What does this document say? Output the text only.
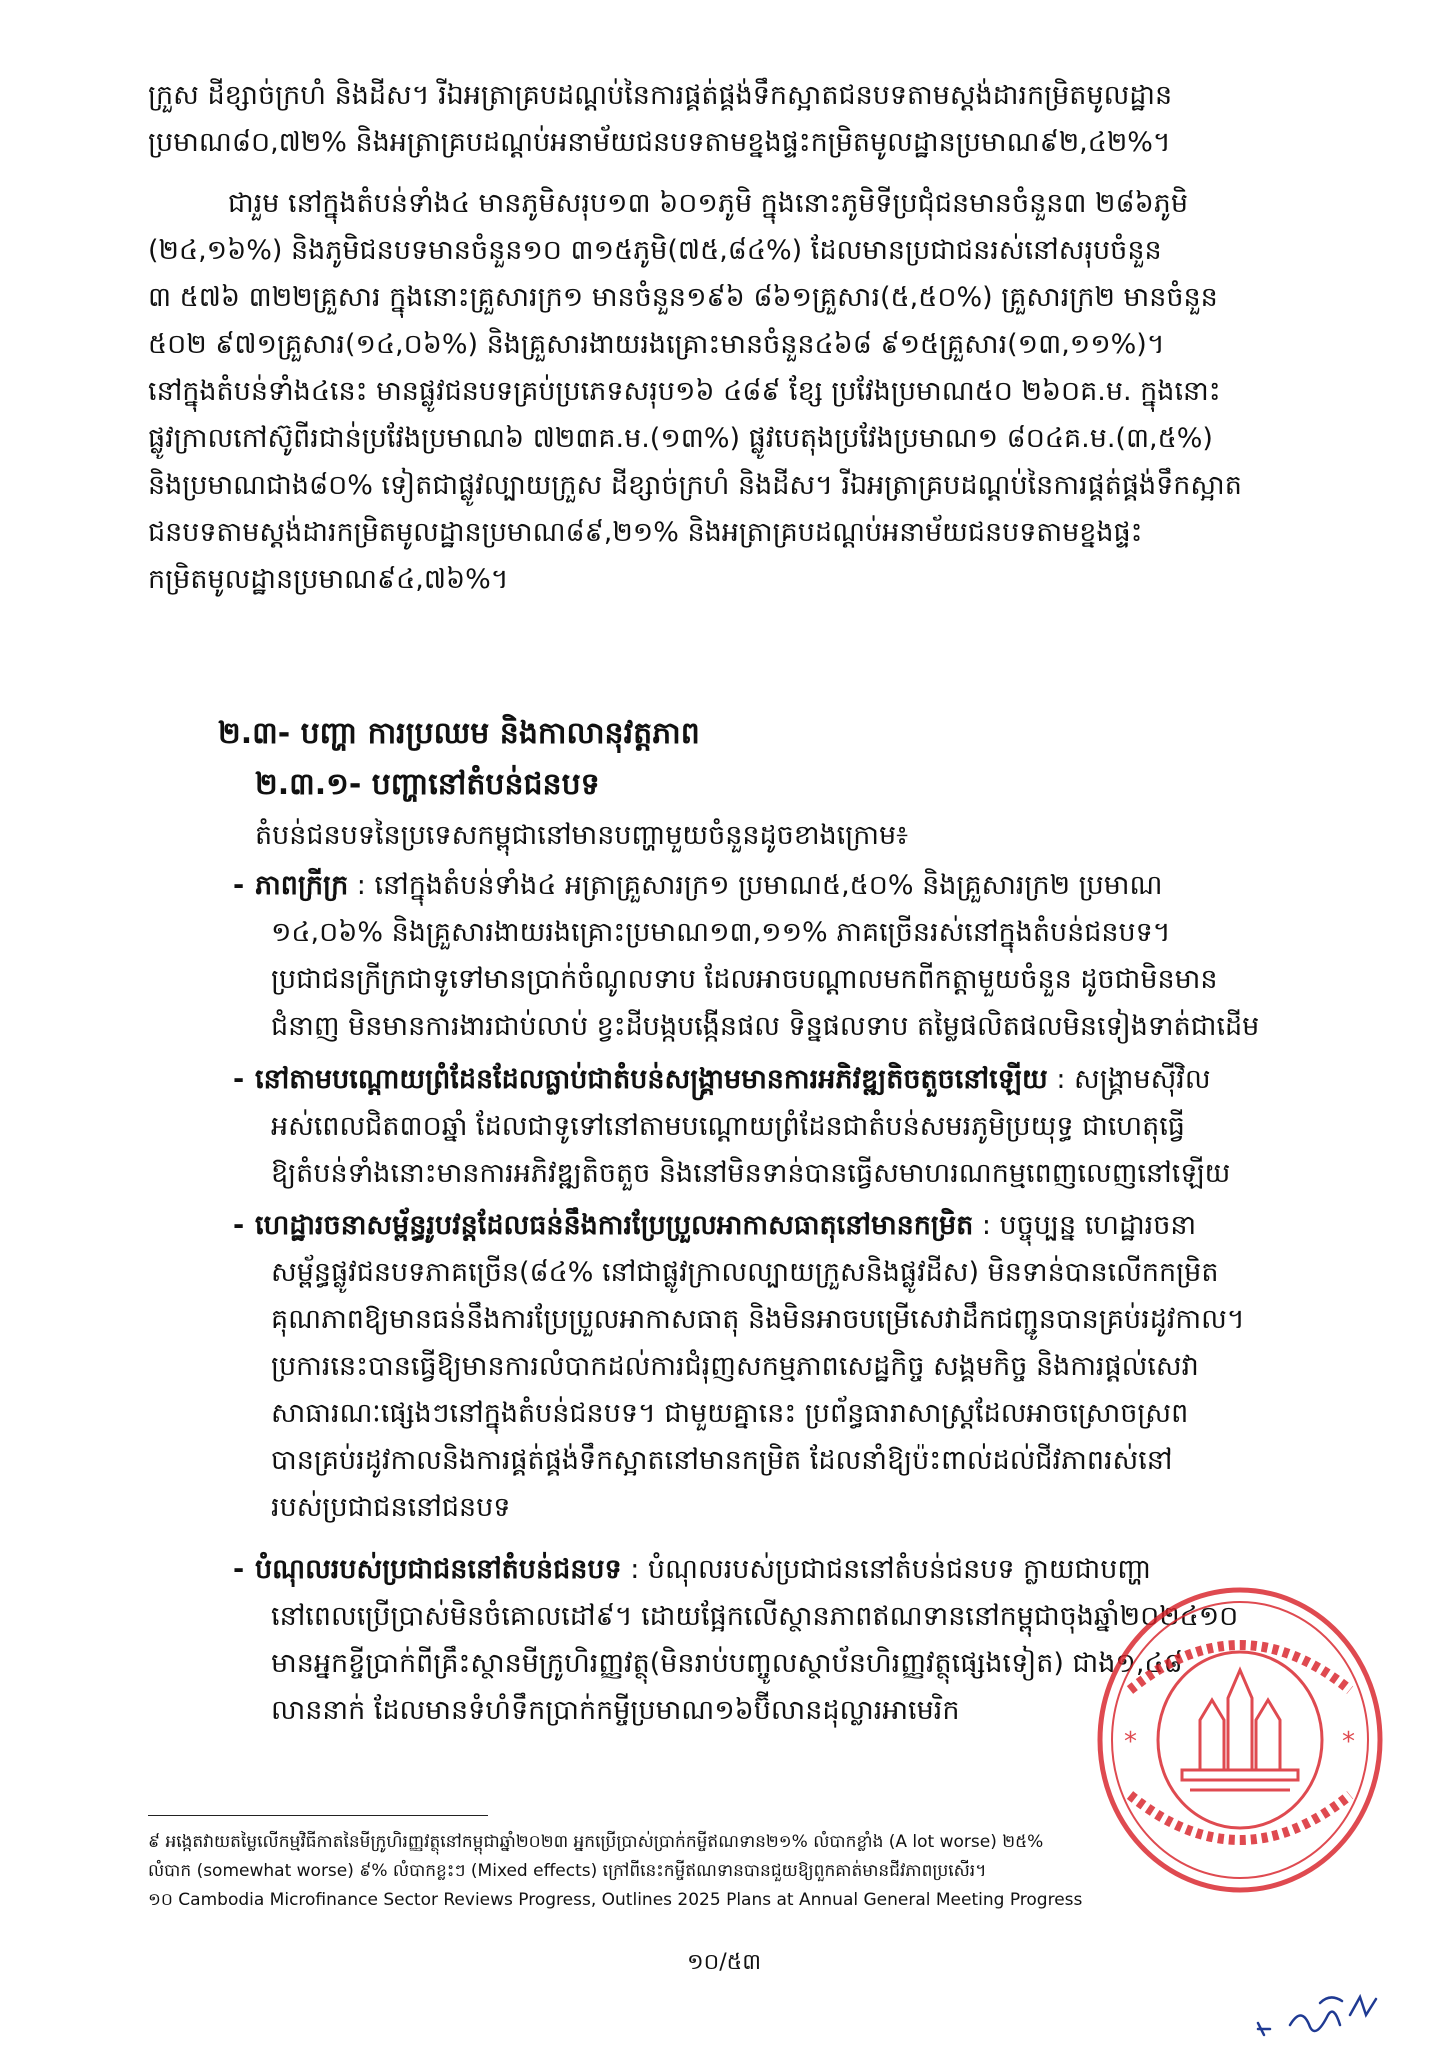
ក្រួស ដីខ្សាច់ក្រហំ និងដីស។ រីឯអត្រាគ្របដណ្តប់នៃការផ្គត់ផ្គង់ទឹកស្អាតជនបទតាមស្តង់ដារកម្រិតមូលដ្ឋាន
ប្រមាណ៨០,៧២% និងអត្រាគ្របដណ្តប់អនាម័យជនបទតាមខ្នងផ្ទះកម្រិតមូលដ្ឋានប្រមាណ៩២,៤២%។
ជារួម នៅក្នុងតំបន់ទាំង៤ មានភូមិសរុប១៣ ៦០១ភូមិ ក្នុងនោះភូមិទីប្រជុំជនមានចំនួន៣ ២៨៦ភូមិ
(២៤,១៦%) និងភូមិជនបទមានចំនួន១០ ៣១៥ភូមិ(៧៥,៨៤%) ដែលមានប្រជាជនរស់នៅសរុបចំនួន
៣ ៥៧៦ ៣២២គ្រួសារ ក្នុងនោះគ្រួសារក្រ១ មានចំនួន១៩៦ ៨៦១គ្រួសារ(៥,៥០%) គ្រួសារក្រ២ មានចំនួន
៥០២ ៩៧១គ្រួសារ(១៤,០៦%) និងគ្រួសារងាយរងគ្រោះមានចំនួន៤៦៨ ៩១៥គ្រួសារ(១៣,១១%)។
នៅក្នុងតំបន់ទាំង៤នេះ មានផ្លូវជនបទគ្រប់ប្រភេទសរុប១៦ ៤៨៩ ខ្សែ ប្រវែងប្រមាណ៥០ ២៦០គ.ម. ក្នុងនោះ
ផ្លូវក្រាលកៅស៊ូពីរជាន់ប្រវែងប្រមាណ៦ ៧២៣គ.ម.(១៣%) ផ្លូវបេតុងប្រវែងប្រមាណ១ ៨០៤គ.ម.(៣,៥%)
និងប្រមាណជាង៨០% ទៀតជាផ្លូវល្បាយក្រួស ដីខ្សាច់ក្រហំ និងដីស។ រីឯអត្រាគ្របដណ្តប់នៃការផ្គត់ផ្គង់ទឹកស្អាត
ជនបទតាមស្តង់ដារកម្រិតមូលដ្ឋានប្រមាណ៨៩,២១% និងអត្រាគ្របដណ្តប់អនាម័យជនបទតាមខ្នងផ្ទះ
កម្រិតមូលដ្ឋានប្រមាណ៩៤,៧៦%។
២.៣- បញ្ហា ការប្រឈម និងកាលានុវត្តភាព
២.៣.១- បញ្ហានៅតំបន់ជនបទ
តំបន់ជនបទនៃប្រទេសកម្ពុជានៅមានបញ្ហាមួយចំនួនដូចខាងក្រោម៖
- ភាពក្រីក្រ : នៅក្នុងតំបន់ទាំង៤ អត្រាគ្រួសារក្រ១ ប្រមាណ៥,៥០% និងគ្រួសារក្រ២ ប្រមាណ
១៤,០៦% និងគ្រួសារងាយរងគ្រោះប្រមាណ១៣,១១% ភាគច្រើនរស់នៅក្នុងតំបន់ជនបទ។
ប្រជាជនក្រីក្រជាទូទៅមានប្រាក់ចំណូលទាប ដែលអាចបណ្តាលមកពីកត្តាមួយចំនួន ដូចជាមិនមាន
ជំនាញ មិនមានការងារជាប់លាប់ ខ្វះដីបង្កបង្កើនផល ទិន្នផលទាប តម្លៃផលិតផលមិនទៀងទាត់ជាដើម
- នៅតាមបណ្តោយព្រំដែនដែលធ្លាប់ជាតំបន់សង្គ្រាមមានការអភិវឌ្ឍតិចតួចនៅឡើយ : សង្គ្រាមស៊ីវិល
អស់ពេលជិត៣០ឆ្នាំ ដែលជាទូទៅនៅតាមបណ្តោយព្រំដែនជាតំបន់សមរភូមិប្រយុទ្ធ ជាហេតុធ្វើ
ឱ្យតំបន់ទាំងនោះមានការអភិវឌ្ឍតិចតួច និងនៅមិនទាន់បានធ្វើសមាហរណកម្មពេញលេញនៅឡើយ
- ហេដ្ឋារចនាសម្ព័ន្ធរូបវន្តដែលធន់នឹងការប្រែប្រួលអាកាសធាតុនៅមានកម្រិត : បច្ចុប្បន្ន ហេដ្ឋារចនា
សម្ព័ន្ធផ្លូវជនបទភាគច្រើន(៨៤% នៅជាផ្លូវក្រាលល្បាយក្រួសនិងផ្លូវដីស) មិនទាន់បានលើកកម្រិត
គុណភាពឱ្យមានធន់នឹងការប្រែប្រួលអាកាសធាតុ និងមិនអាចបម្រើសេវាដឹកជញ្ជូនបានគ្រប់រដូវកាល។
ប្រការនេះបានធ្វើឱ្យមានការលំបាកដល់ការជំរុញសកម្មភាពសេដ្ឋកិច្ច សង្គមកិច្ច និងការផ្តល់សេវា
សាធារណៈផ្សេងៗនៅក្នុងតំបន់ជនបទ។ ជាមួយគ្នានេះ ប្រព័ន្ធធារាសាស្ត្រដែលអាចស្រោចស្រព
បានគ្រប់រដូវកាលនិងការផ្គត់ផ្គង់ទឹកស្អាតនៅមានកម្រិត ដែលនាំឱ្យប៉ះពាល់ដល់ជីវភាពរស់នៅ
របស់ប្រជាជននៅជនបទ
- បំណុលរបស់ប្រជាជននៅតំបន់ជនបទ : បំណុលរបស់ប្រជាជននៅតំបន់ជនបទ ក្លាយជាបញ្ហា
នៅពេលប្រើប្រាស់មិនចំគោលដៅ៩។ ដោយផ្អែកលើស្ថានភាពឥណទាននៅកម្ពុជាចុងឆ្នាំ២០២៤១០
មានអ្នកខ្ចីប្រាក់ពីគ្រឹះស្ថានមីក្រូហិរញ្ញវត្ថុ(មិនរាប់បញ្ចូលស្ថាប័នហិរញ្ញវត្ថុផ្សេងទៀត) ជាង១,៤៨
លាននាក់ ដែលមានទំហំទឹកប្រាក់កម្ចីប្រមាណ១៦ប៊ីលានដុល្លារអាមេរិក
*	*
៩ អង្កេតវាយតម្លៃលើកម្មវិធីកាតនៃមីក្រូហិរញ្ញវត្ថុនៅកម្ពុជាឆ្នាំ២០២៣ អ្នកប្រើប្រាស់ប្រាក់កម្ចីឥណទាន២១% លំបាកខ្លាំង (A lot worse) ២៥%
លំបាក (somewhat worse) ៩% លំបាកខ្លះៗ (Mixed effects) ក្រៅពីនេះកម្ចីឥណទានបានជួយឱ្យពួកគាត់មានជីវភាពប្រសើរ។
១០ Cambodia Microfinance Sector Reviews Progress, Outlines 2025 Plans at Annual General Meeting Progress
១០/៥៣
